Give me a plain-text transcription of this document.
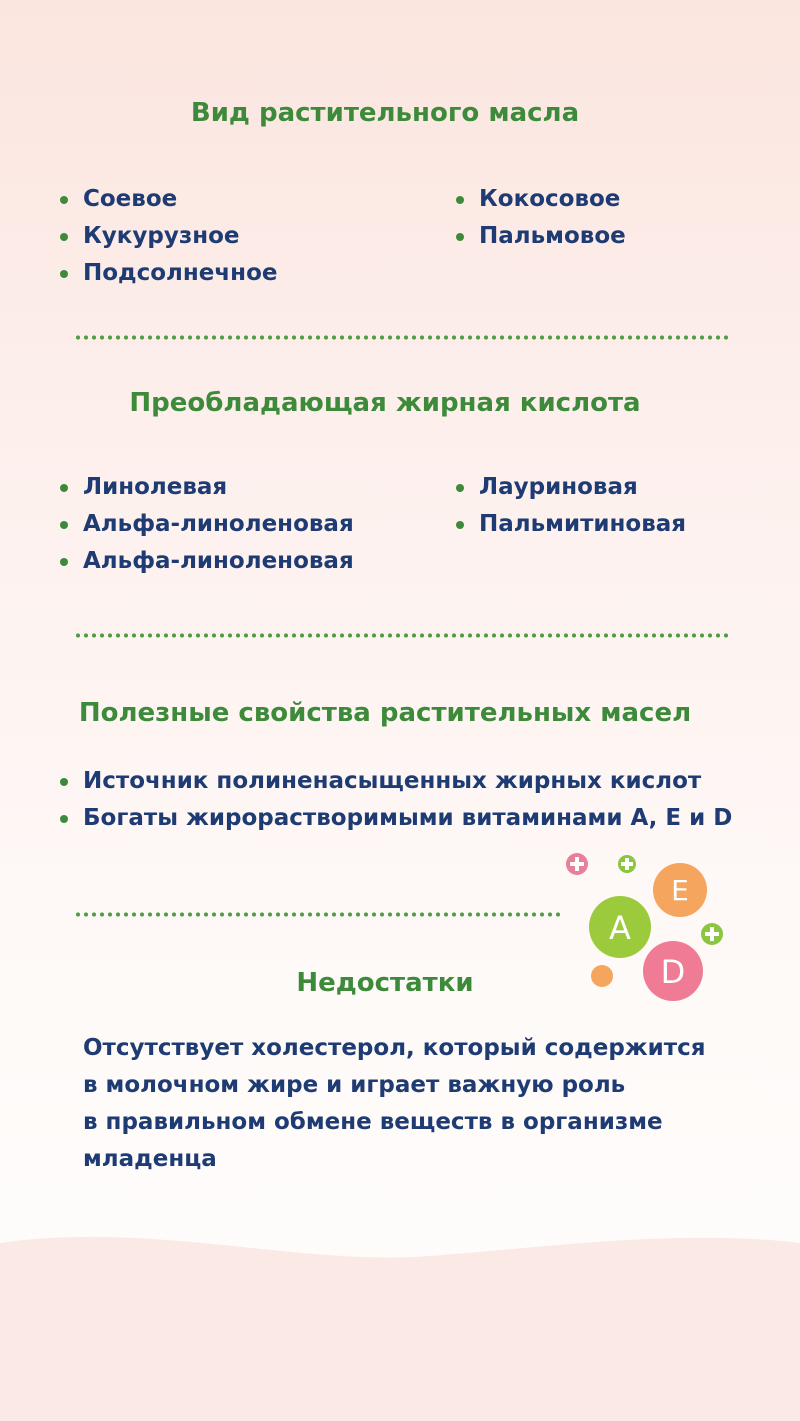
Вид растительного масла
Соевое
Кукурузное
Подсолнечное
Кокосовое
Пальмовое
Преобладающая жирная кислота
Линолевая
Альфа-линоленовая
Альфа-линоленовая
Лауриновая
Пальмитиновая
Полезные свойства растительных масел
Источник полиненасыщенных жирных кислот
Богаты жирорастворимыми витаминами A, E и D
E
A
D
Недостатки
Отсутствует холестерол, который содержится
в молочном жире и играет важную роль
в правильном обмене веществ в организме
младенца
